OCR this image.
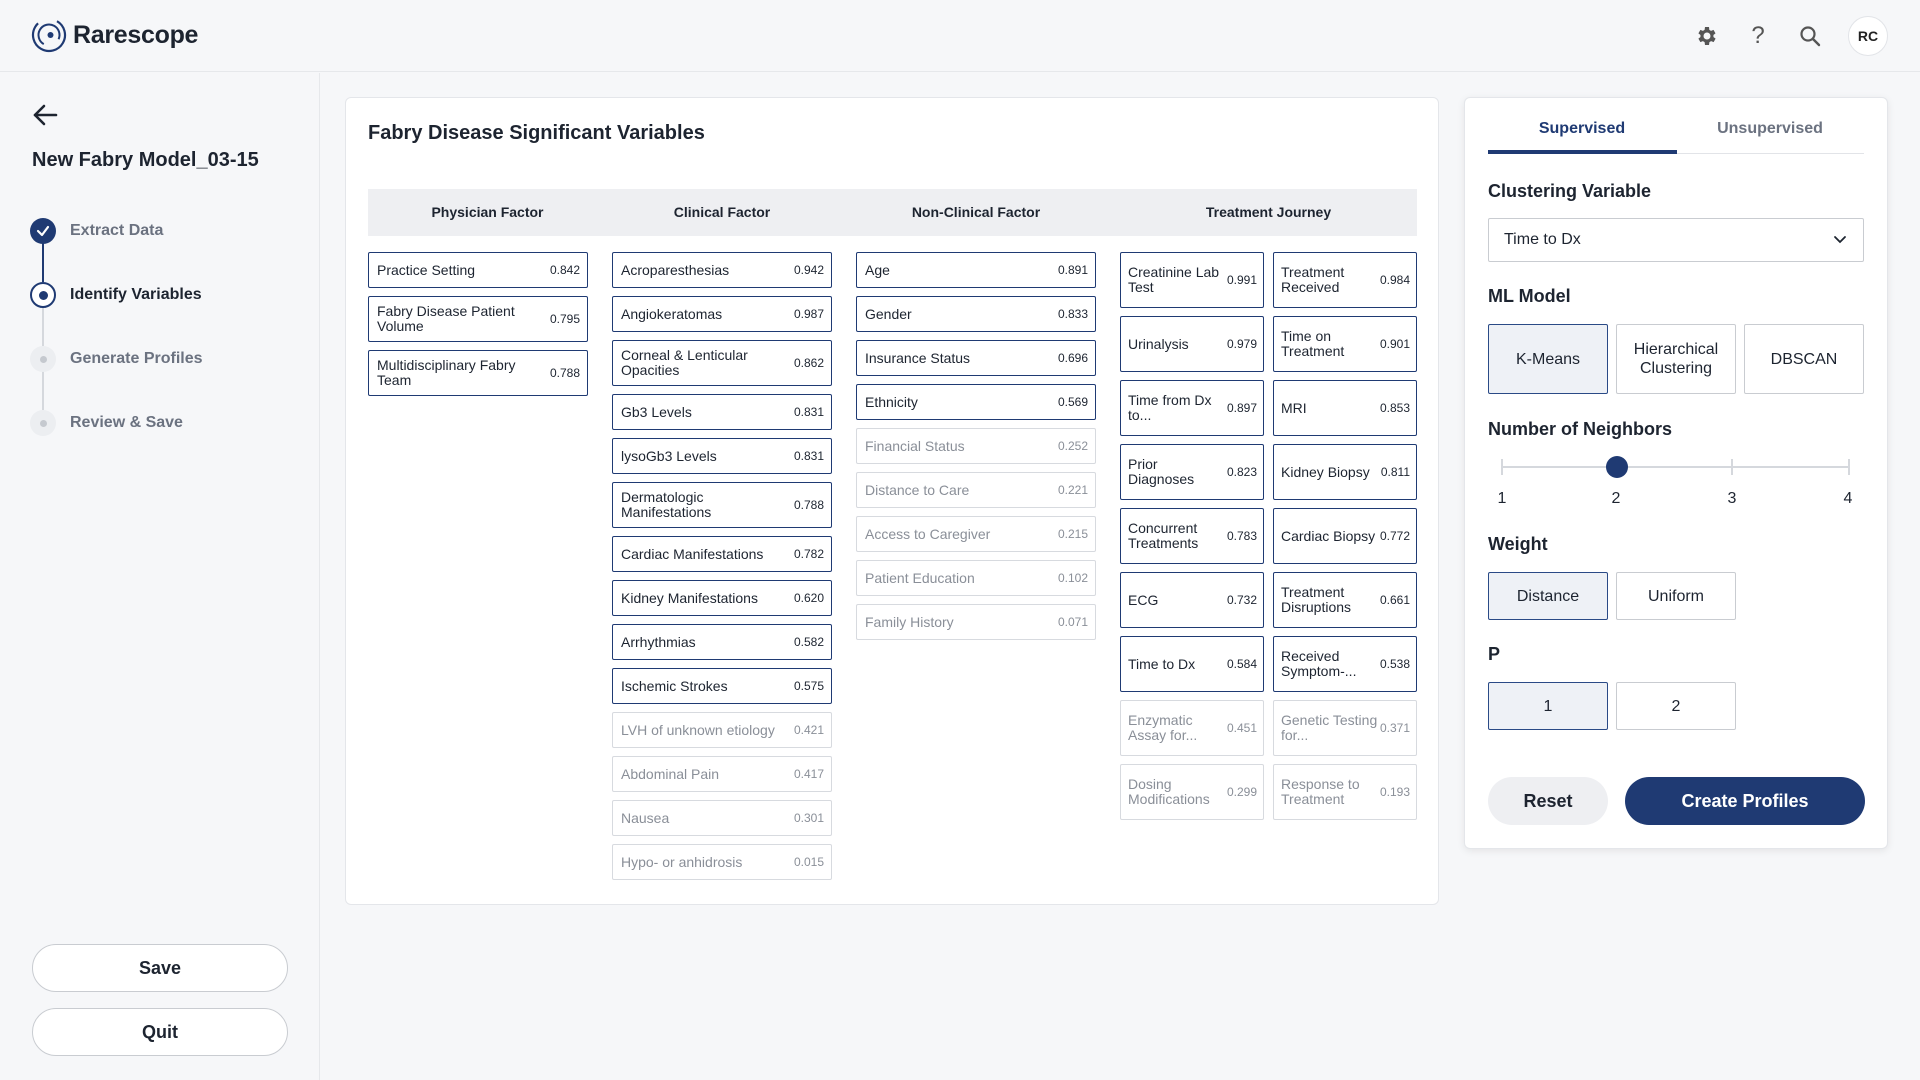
Rarescope	?	RC
New Fabry Model_03-15
Extract Data
Identify Variables
Generate Profiles
Review & Save
Save
Quit
Fabry Disease Significant Variables
Physician Factor	Clinical Factor	Non-Clinical Factor	Treatment Journey
Practice Setting	0.842
Fabry Disease Patient Volume	0.795
Multidisciplinary Fabry Team	0.788
Acroparesthesias	0.942
Angiokeratomas	0.987
Corneal & Lenticular Opacities	0.862
Gb3 Levels	0.831
lysoGb3 Levels	0.831
Dermatologic Manifestations	0.788
Cardiac Manifestations	0.782
Kidney Manifestations	0.620
Arrhythmias	0.582
Ischemic Strokes	0.575
LVH of unknown etiology 0.421
Abdominal Pain	0.417
Nausea	0.301
Hypo- or anhidrosis	0.015
Age	0.891
Gender	0.833
Insurance Status	0.696
Ethnicity	0.569
Financial Status	0.252
Distance to Care	0.221
Access to Caregiver	0.215
Patient Education	0.102
Family History	0.071
Creatinine Lab Test	0.991 Treatment Received	0.984
Urinalysis	0.979 Time on Treatment	0.901
Time from Dx to...	0.897 MRI	0.853
Prior Diagnoses	0.823 Kidney Biopsy 0.811
Concurrent Treatments	0.783 Cardiac Biopsy 0.772
ECG	0.732 Treatment Disruptions	0.661
Time to Dx	0.584 Received Symptom-...	0.538
Enzymatic Assay for...	0.451 Genetic Testing for...	0.371
Dosing Modifications	0.299 Response to Treatment	0.193
Supervised	Unsupervised
Clustering Variable
Time to Dx
ML Model
K-Means
Hierarchical Clustering
DBSCAN
Number of Neighbors
1	2	3	4
Weight
Distance	Uniform
P
1	2
Reset	Create Profiles
